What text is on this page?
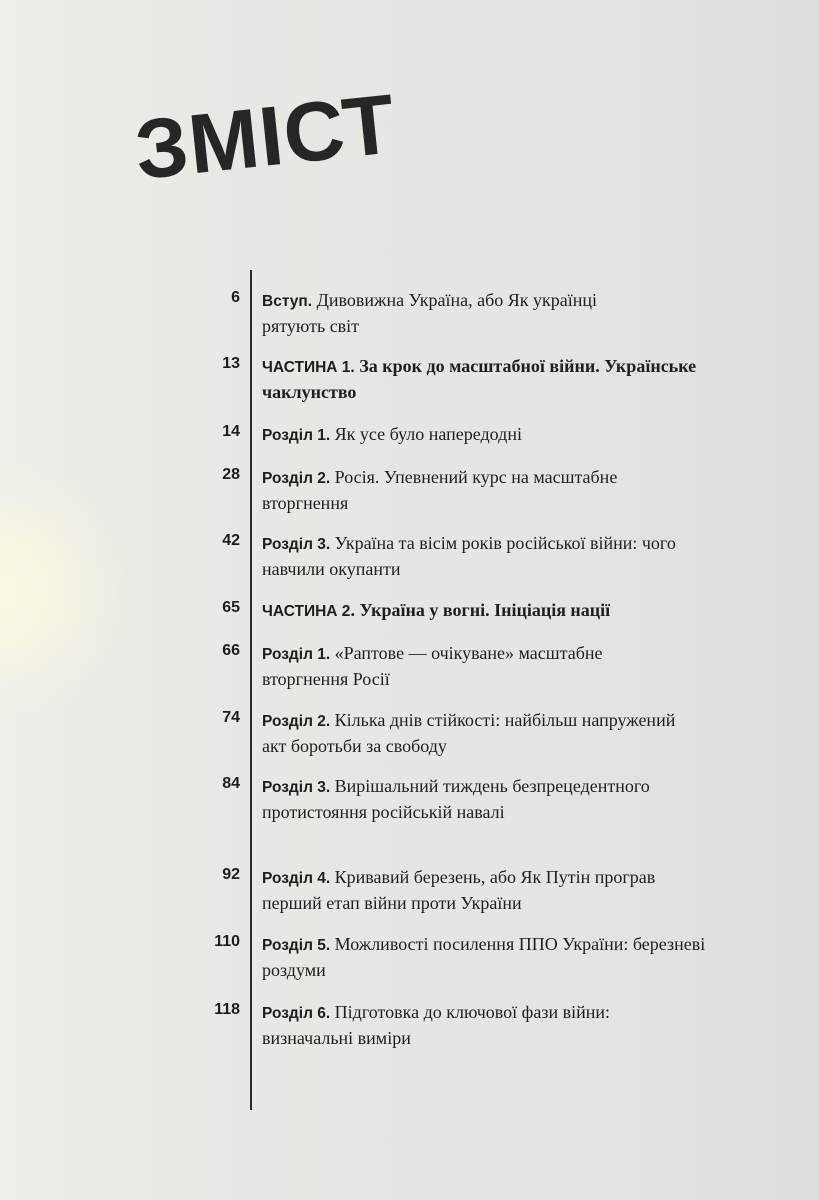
ЗМІСТ
6 Вступ. Дивовижна Україна, або Як українці рятують світ
13 ЧАСТИНА 1. За крок до масштабної війни. Українське чаклунство
14 Розділ 1. Як усе було напередодні
28 Розділ 2. Росія. Упевнений курс на масштабне вторгнення
42 Розділ 3. Україна та вісім років російської війни: чого навчили окупанти
65 ЧАСТИНА 2. Україна у вогні. Ініціація нації
66 Розділ 1. «Раптове — очікуване» масштабне вторгнення Росії
74 Розділ 2. Кілька днів стійкості: найбільш напружений акт боротьби за свободу
84 Розділ 3. Вирішальний тиждень безпрецедентного протистояння російській навалі
92 Розділ 4. Кривавий березень, або Як Путін програв перший етап війни проти України
110 Розділ 5. Можливості посилення ППО України: березневі роздуми
118 Розділ 6. Підготовка до ключової фази війни: визначальні виміри
